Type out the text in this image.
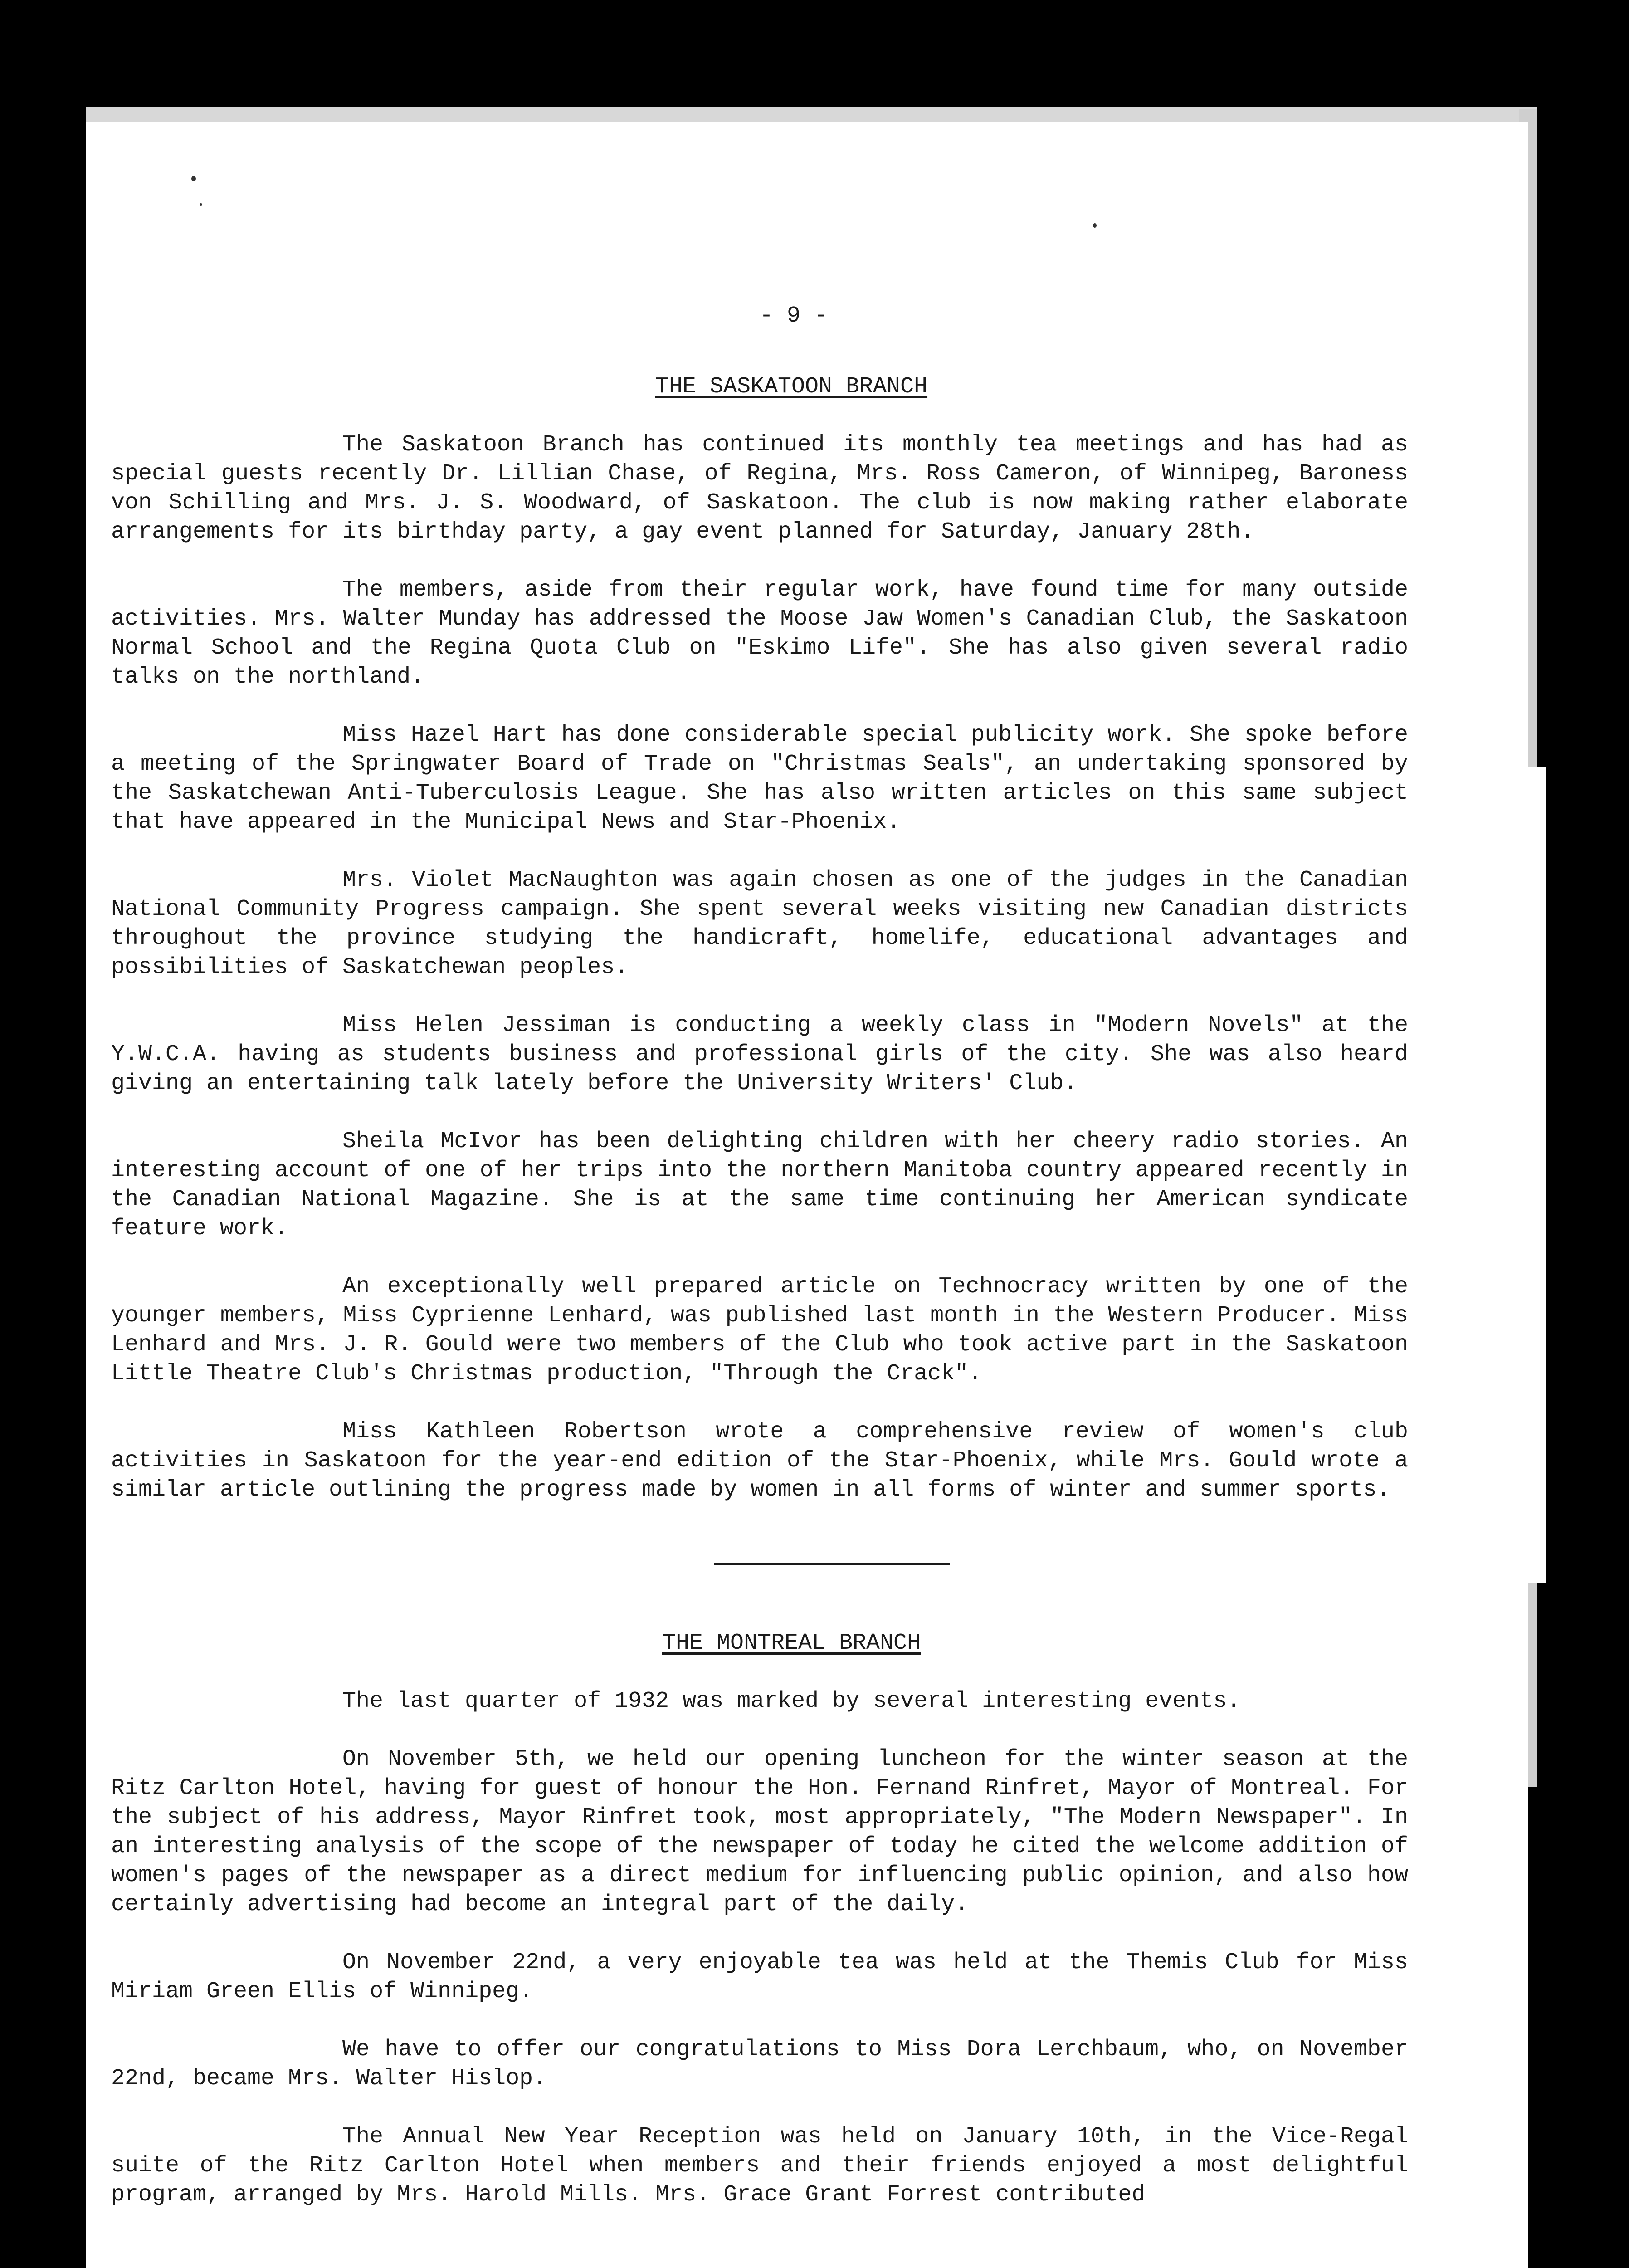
- 9 -
THE SASKATOON BRANCH

The Saskatoon Branch has continued its monthly tea meetings and has had as special guests recently Dr. Lillian Chase, of Regina, Mrs. Ross Cameron, of Winnipeg, Baroness von Schilling and Mrs. J. S. Woodward, of Saskatoon. The club is now making rather elaborate arrangements for its birthday party, a gay event planned for Saturday, January 28th.

The members, aside from their regular work, have found time for many outside activities. Mrs. Walter Munday has addressed the Moose Jaw Women's Canadian Club, the Saskatoon Normal School and the Regina Quota Club on "Eskimo Life". She has also given several radio talks on the northland.

Miss Hazel Hart has done considerable special publicity work. She spoke before a meeting of the Springwater Board of Trade on "Christmas Seals", an undertaking sponsored by the Saskatchewan Anti-Tuberculosis League. She has also written articles on this same subject that have appeared in the Municipal News and Star-Phoenix.

Mrs. Violet MacNaughton was again chosen as one of the judges in the Canadian National Community Progress campaign. She spent several weeks visiting new Canadian districts throughout the province studying the handicraft, homelife, educational advantages and possibilities of Saskatchewan peoples.

Miss Helen Jessiman is conducting a weekly class in "Modern Novels" at the Y.W.C.A. having as students business and professional girls of the city. She was also heard giving an entertaining talk lately before the University Writers' Club.

Sheila McIvor has been delighting children with her cheery radio stories. An interesting account of one of her trips into the northern Manitoba country appeared recently in the Canadian National Magazine. She is at the same time continuing her American syndicate feature work.

An exceptionally well prepared article on Technocracy written by one of the younger members, Miss Cyprienne Lenhard, was published last month in the Western Producer. Miss Lenhard and Mrs. J. R. Gould were two members of the Club who took active part in the Saskatoon Little Theatre Club's Christmas production, "Through the Crack".

Miss Kathleen Robertson wrote a comprehensive review of women's club activities in Saskatoon for the year-end edition of the Star-Phoenix, while Mrs. Gould wrote a similar article outlining the progress made by women in all forms of winter and summer sports.

THE MONTREAL BRANCH

The last quarter of 1932 was marked by several interesting events.

On November 5th, we held our opening luncheon for the winter season at the Ritz Carlton Hotel, having for guest of honour the Hon. Fernand Rinfret, Mayor of Montreal. For the subject of his address, Mayor Rinfret took, most appropriately, "The Modern Newspaper". In an interesting analysis of the scope of the newspaper of today he cited the welcome addition of women's pages of the newspaper as a direct medium for influencing public opinion, and also how certainly advertising had become an integral part of the daily.

On November 22nd, a very enjoyable tea was held at the Themis Club for Miss Miriam Green Ellis of Winnipeg.

We have to offer our congratulations to Miss Dora Lerchbaum, who, on November 22nd, became Mrs. Walter Hislop.

The Annual New Year Reception was held on January 10th, in the Vice-Regal suite of the Ritz Carlton Hotel when members and their friends enjoyed a most delightful program, arranged by Mrs. Harold Mills. Mrs. Grace Grant Forrest contributed
